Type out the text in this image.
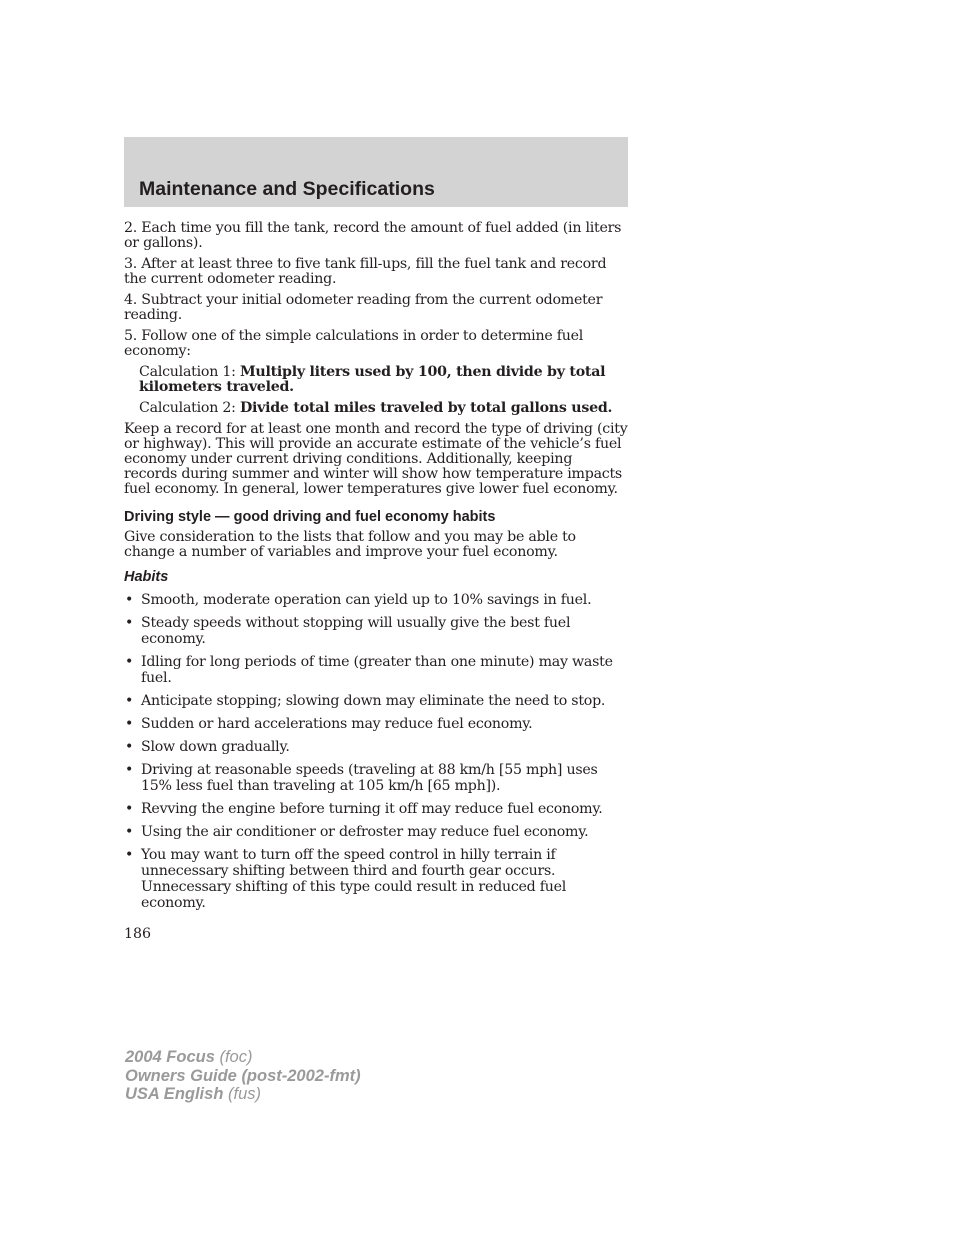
Maintenance and Specifications

2. Each time you fill the tank, record the amount of fuel added (in liters or gallons).

3. After at least three to five tank fill-ups, fill the fuel tank and record the current odometer reading.

4. Subtract your initial odometer reading from the current odometer reading.

5. Follow one of the simple calculations in order to determine fuel economy:

Calculation 1: Multiply liters used by 100, then divide by total kilometers traveled.

Calculation 2: Divide total miles traveled by total gallons used.

Keep a record for at least one month and record the type of driving (city or highway). This will provide an accurate estimate of the vehicle’s fuel economy under current driving conditions. Additionally, keeping records during summer and winter will show how temperature impacts fuel economy. In general, lower temperatures give lower fuel economy.

Driving style — good driving and fuel economy habits

Give consideration to the lists that follow and you may be able to change a number of variables and improve your fuel economy.

Habits
• Smooth, moderate operation can yield up to 10% savings in fuel.
• Steady speeds without stopping will usually give the best fuel economy.
• Idling for long periods of time (greater than one minute) may waste fuel.
• Anticipate stopping; slowing down may eliminate the need to stop.
• Sudden or hard accelerations may reduce fuel economy.
• Slow down gradually.
• Driving at reasonable speeds (traveling at 88 km/h [55 mph] uses 15% less fuel than traveling at 105 km/h [65 mph]).
• Revving the engine before turning it off may reduce fuel economy.
• Using the air conditioner or defroster may reduce fuel economy.
• You may want to turn off the speed control in hilly terrain if unnecessary shifting between third and fourth gear occurs. Unnecessary shifting of this type could result in reduced fuel economy.
186
2004 Focus (foc)
Owners Guide (post-2002-fmt)
USA English (fus)
